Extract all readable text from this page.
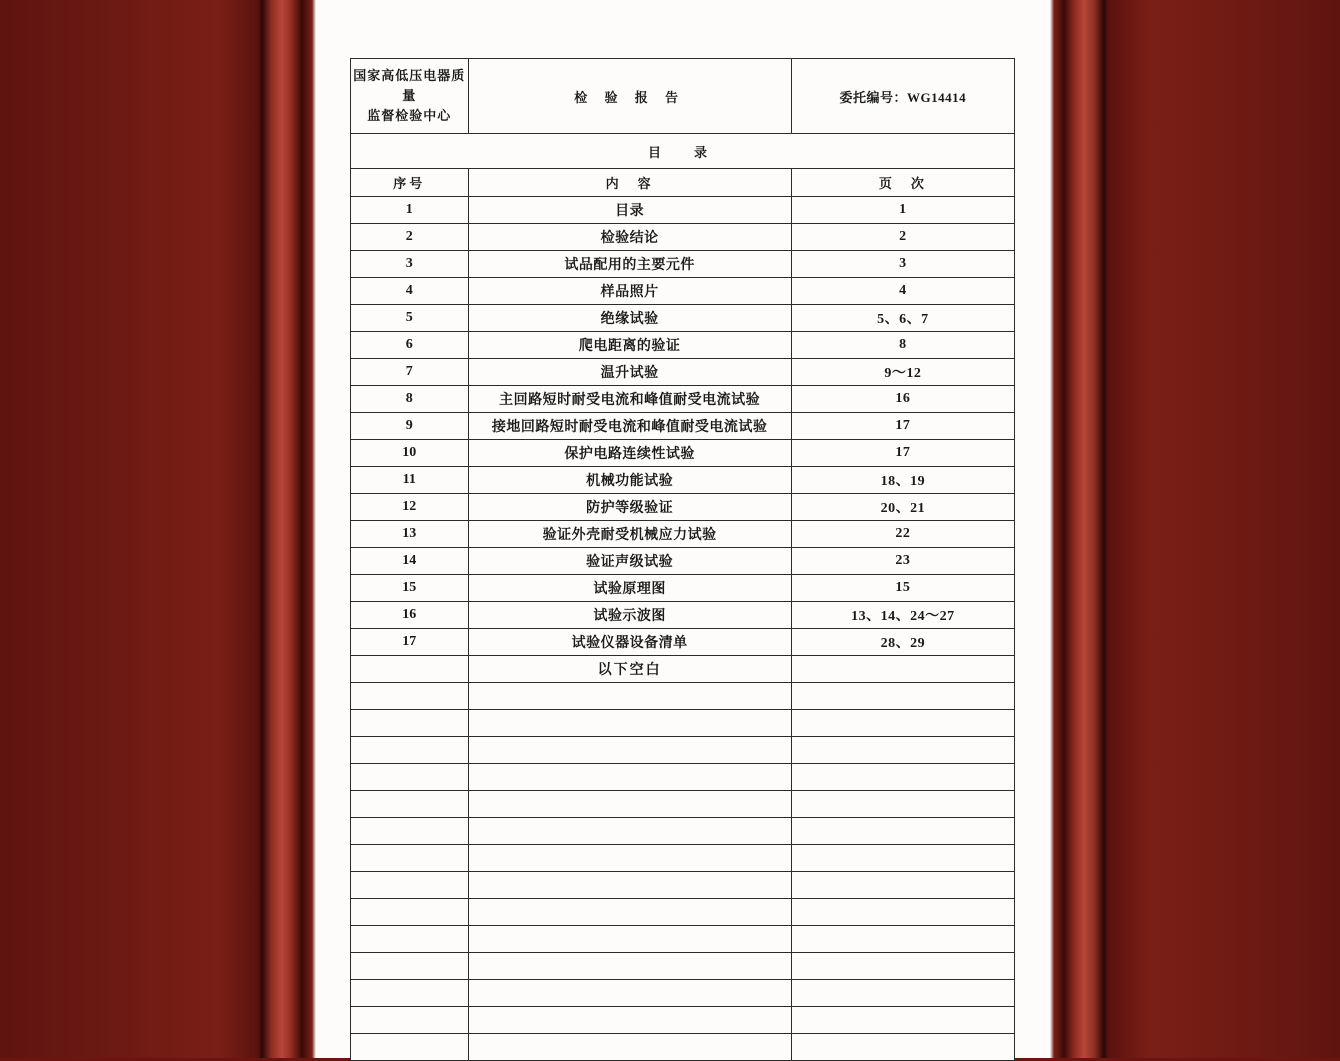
国家高低压电器质量
监督检验中心	检 验 报 告	委托编号：WG14414
目　录		
序号	内　容	页　次
1	目录	1
2	检验结论	2
3	试品配用的主要元件	3
4	样品照片	4
5	绝缘试验	5、6、7
6	爬电距离的验证	8
7	温升试验	9～12
8	主回路短时耐受电流和峰值耐受电流试验	16
9	接地回路短时耐受电流和峰值耐受电流试验	17
10	保护电路连续性试验	17
11	机械功能试验	18、19
12	防护等级验证	20、21
13	验证外壳耐受机械应力试验	22
14	验证声级试验	23
15	试验原理图	15
16	试验示波图	13、14、24～27
17	试验仪器设备清单	28、29
	以下空白	
